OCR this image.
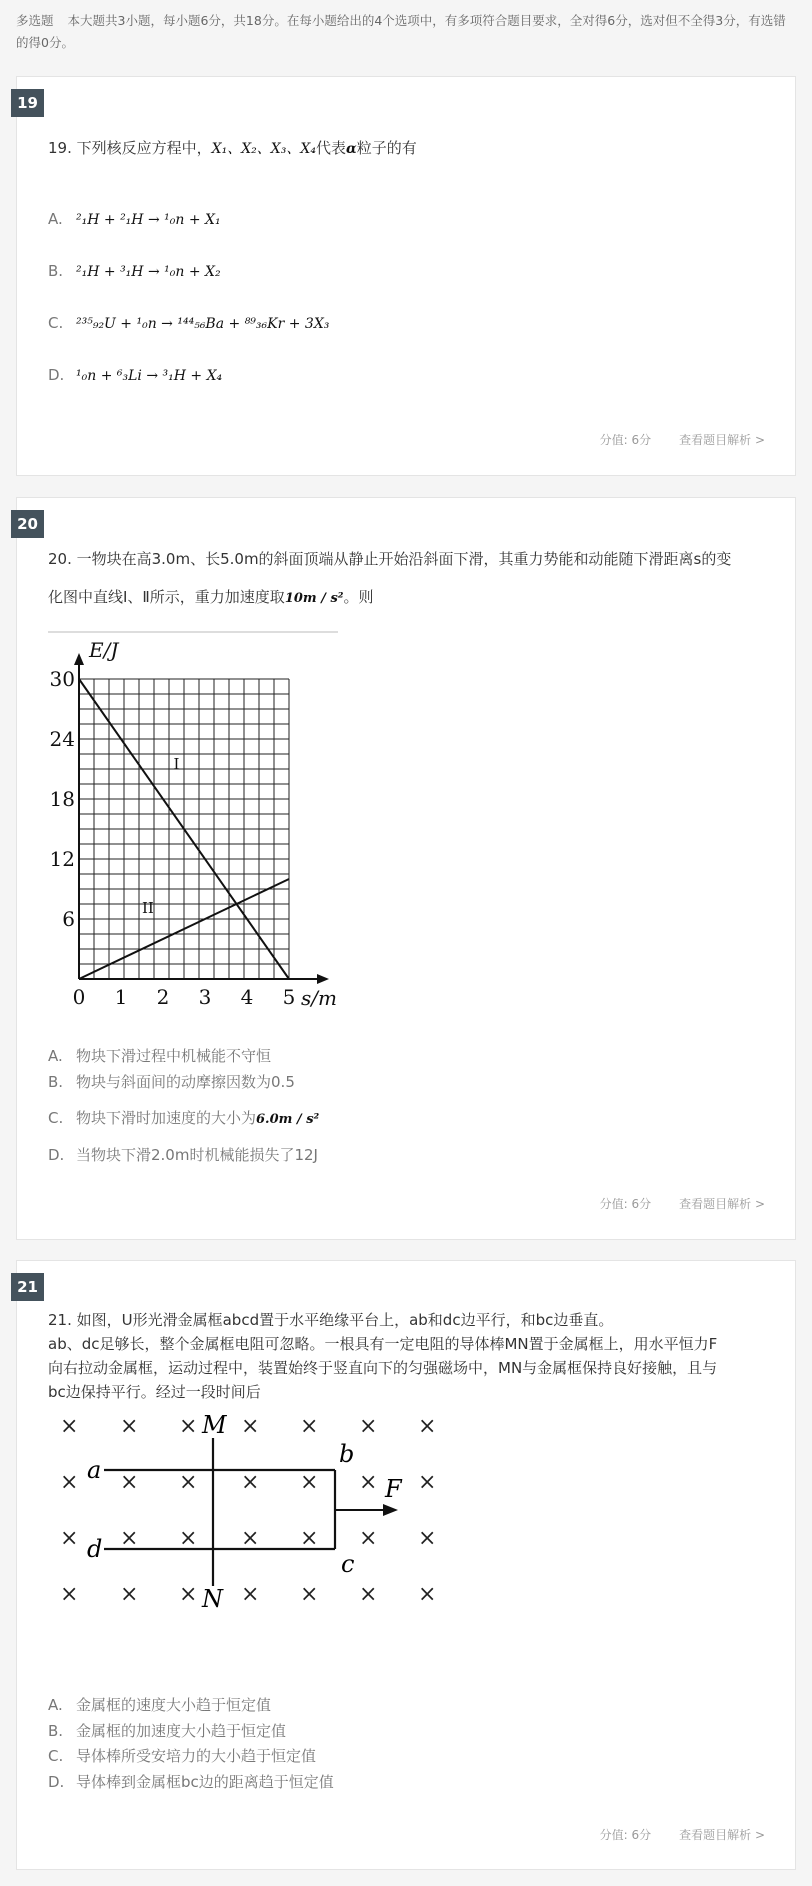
多选题 本大题共3小题，每小题6分，共18分。在每小题给出的4个选项中，有多项符合题目要求，全对得6分，选对但不全得3分，有选错的得0分。
19
19. 下列核反应方程中，X₁、X₂、X₃、X₄代表α粒子的有
A. ²₁H + ²₁H → ¹₀n + X₁
B. ²₁H + ³₁H → ¹₀n + X₂
C. ²³⁵₉₂U + ¹₀n → ¹⁴⁴₅₆Ba + ⁸⁹₃₆Kr + 3X₃
D. ¹₀n + ⁶₃Li → ³₁H + X₄
分值: 6分 查看题目解析 >
20
20. 一物块在高3.0m、长5.0m的斜面顶端从静止开始沿斜面下滑，其重力势能和动能随下滑距离s的变
化图中直线Ⅰ、Ⅱ所示，重力加速度取10m / s²。则
I
II
0 1 2 3 4 5
6
12
18
24
30
E/J
s/m
A. 物块下滑过程中机械能不守恒
B. 物块与斜面间的动摩擦因数为0.5
C. 物块下滑时加速度的大小为6.0m / s²
D. 当物块下滑2.0m时机械能损失了12J
分值: 6分 查看题目解析 >
21
21. 如图，U形光滑金属框abcd置于水平绝缘平台上，ab和dc边平行，和bc边垂直。
ab、dc足够长，整个金属框电阻可忽略。一根具有一定电阻的导体棒MN置于金属框上，用水平恒力F
向右拉动金属框，运动过程中，装置始终于竖直向下的匀强磁场中，MN与金属框保持良好接触，且与
bc边保持平行。经过一段时间后
× × × × × × ×
× × × × × × ×
× × × × × × ×
× × × × × × ×
a
b
c
d
M
N
F
A. 金属框的速度大小趋于恒定值
B. 金属框的加速度大小趋于恒定值
C. 导体棒所受安培力的大小趋于恒定值
D. 导体棒到金属框bc边的距离趋于恒定值
分值: 6分 查看题目解析 >
